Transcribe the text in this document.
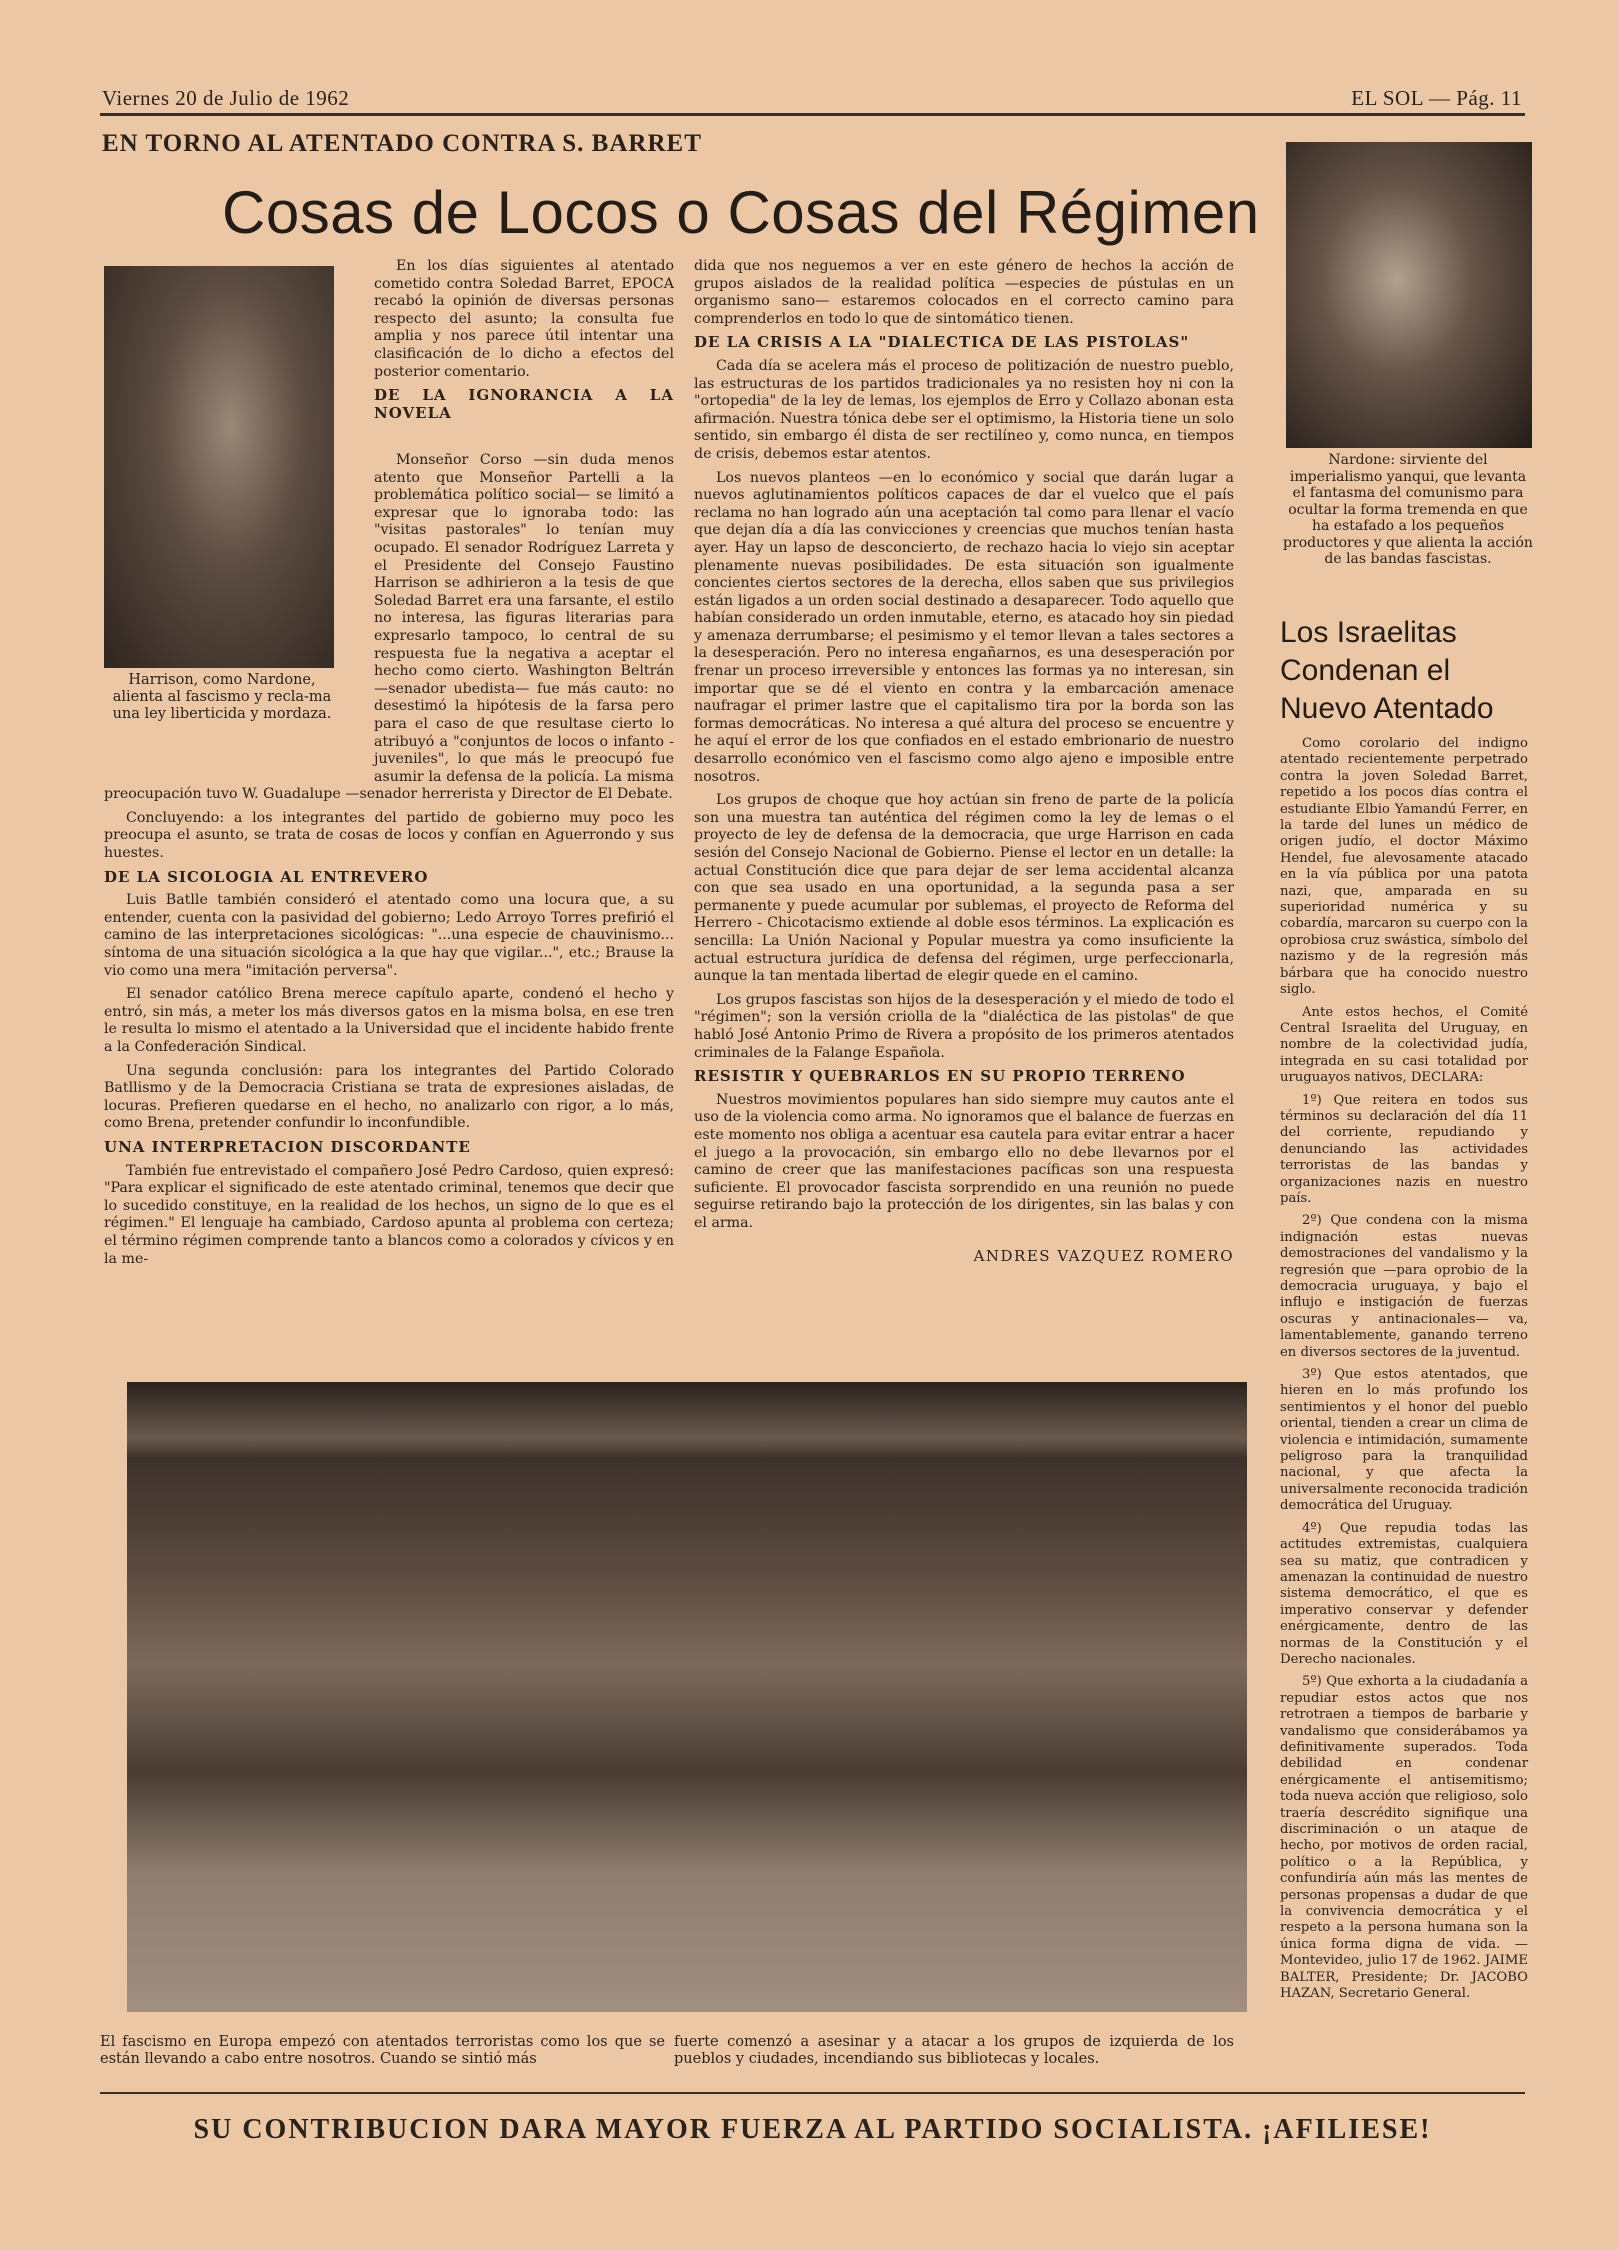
Viernes 20 de Julio de 1962	EL SOL — Pág. 11
EN TORNO AL ATENTADO CONTRA S. BARRET
Cosas de Locos o Cosas del Régimen
Harrison, como Nardone, alienta al fascismo y recla-ma una ley liberticida y mordaza.

En los días siguientes al atentado cometido contra Soledad Barret, EPOCA recabó la opinión de diversas personas respecto del asunto; la consulta fue amplia y nos parece útil intentar una clasificación de lo dicho a efectos del posterior comentario.

DE LA IGNORANCIA A LA NOVELA

Monseñor Corso —sin duda menos atento que Monseñor Partelli a la problemática político social— se limitó a expresar que lo ignoraba todo: las "visitas pastorales" lo tenían muy ocupado. El senador Rodríguez Larreta y el Presidente del Consejo Faustino Harrison se adhirieron a la tesis de que Soledad Barret era una farsante, el estilo no interesa, las figuras literarias para expresarlo tampoco, lo central de su respuesta fue la negativa a aceptar el hecho como cierto. Washington Beltrán —senador ubedista— fue más cauto: no desestimó la hipótesis de la farsa pero para el caso de que resultase cierto lo atribuyó a "conjuntos de locos o infanto - juveniles", lo que más le preocupó fue asumir la defensa de la policía. La misma preocupación tuvo W. Guadalupe —senador herrerista y Director de El Debate.

Concluyendo: a los integrantes del partido de gobierno muy poco les preocupa el asunto, se trata de cosas de locos y confían en Aguerrondo y sus huestes.

DE LA SICOLOGIA AL ENTREVERO

Luis Batlle también consideró el atentado como una locura que, a su entender, cuenta con la pasividad del gobierno; Ledo Arroyo Torres prefirió el camino de las interpretaciones sicológicas: "...una especie de chauvinismo... síntoma de una situación sicológica a la que hay que vigilar...", etc.; Brause la vio como una mera "imitación perversa".

El senador católico Brena merece capítulo aparte, condenó el hecho y entró, sin más, a meter los más diversos gatos en la misma bolsa, en ese tren le resulta lo mismo el atentado a la Universidad que el incidente habido frente a la Confederación Sindical.

Una segunda conclusión: para los integrantes del Partido Colorado Batllismo y de la Democracia Cristiana se trata de expresiones aisladas, de locuras. Prefieren quedarse en el hecho, no analizarlo con rigor, a lo más, como Brena, pretender confundir lo inconfundible.

UNA INTERPRETACION DISCORDANTE

También fue entrevistado el compañero José Pedro Cardoso, quien expresó: "Para explicar el significado de este atentado criminal, tenemos que decir que lo sucedido constituye, en la realidad de los hechos, un signo de lo que es el régimen." El lenguaje ha cambiado, Cardoso apunta al problema con certeza; el término régimen comprende tanto a blancos como a colorados y cívicos y en la me-

dida que nos neguemos a ver en este género de hechos la acción de grupos aislados de la realidad política —especies de pústulas en un organismo sano— estaremos colocados en el correcto camino para comprenderlos en todo lo que de sintomático tienen.

DE LA CRISIS A LA "DIALECTICA DE LAS PISTOLAS"

Cada día se acelera más el proceso de politización de nuestro pueblo, las estructuras de los partidos tradicionales ya no resisten hoy ni con la "ortopedia" de la ley de lemas, los ejemplos de Erro y Collazo abonan esta afirmación. Nuestra tónica debe ser el optimismo, la Historia tiene un solo sentido, sin embargo él dista de ser rectilíneo y, como nunca, en tiempos de crisis, debemos estar atentos.

Los nuevos planteos —en lo económico y social que darán lugar a nuevos aglutinamientos políticos capaces de dar el vuelco que el país reclama no han logrado aún una aceptación tal como para llenar el vacío que dejan día a día las convicciones y creencias que muchos tenían hasta ayer. Hay un lapso de desconcierto, de rechazo hacia lo viejo sin aceptar plenamente nuevas posibilidades. De esta situación son igualmente concientes ciertos sectores de la derecha, ellos saben que sus privilegios están ligados a un orden social destinado a desaparecer. Todo aquello que habían considerado un orden inmutable, eterno, es atacado hoy sin piedad y amenaza derrumbarse; el pesimismo y el temor llevan a tales sectores a la desesperación. Pero no interesa engañarnos, es una desesperación por frenar un proceso irreversible y entonces las formas ya no interesan, sin importar que se dé el viento en contra y la embarcación amenace naufragar el primer lastre que el capitalismo tira por la borda son las formas democráticas. No interesa a qué altura del proceso se encuentre y he aquí el error de los que confiados en el estado embrionario de nuestro desarrollo económico ven el fascismo como algo ajeno e imposible entre nosotros.

Los grupos de choque que hoy actúan sin freno de parte de la policía son una muestra tan auténtica del régimen como la ley de lemas o el proyecto de ley de defensa de la democracia, que urge Harrison en cada sesión del Consejo Nacional de Gobierno. Piense el lector en un detalle: la actual Constitución dice que para dejar de ser lema accidental alcanza con que sea usado en una oportunidad, a la segunda pasa a ser permanente y puede acumular por sublemas, el proyecto de Reforma del Herrero - Chicotacismo extiende al doble esos términos. La explicación es sencilla: La Unión Nacional y Popular muestra ya como insuficiente la actual estructura jurídica de defensa del régimen, urge perfeccionarla, aunque la tan mentada libertad de elegir quede en el camino.

Los grupos fascistas son hijos de la desesperación y el miedo de todo el "régimen"; son la versión criolla de la "dialéctica de las pistolas" de que habló José Antonio Primo de Rivera a propósito de los primeros atentados criminales de la Falange Española.

RESISTIR Y QUEBRARLOS EN SU PROPIO TERRENO

Nuestros movimientos populares han sido siempre muy cautos ante el uso de la violencia como arma. No ignoramos que el balance de fuerzas en este momento nos obliga a acentuar esa cautela para evitar entrar a hacer el juego a la provocación, sin embargo ello no debe llevarnos por el camino de creer que las manifestaciones pacíficas son una respuesta suficiente. El provocador fascista sorprendido en una reunión no puede seguirse retirando bajo la protección de los dirigentes, sin las balas y con el arma.

ANDRES VAZQUEZ ROMERO
Nardone: sirviente del imperialismo yanqui, que levanta el fantasma del comunismo para ocultar la forma tremenda en que ha estafado a los pequeños productores y que alienta la acción de las bandas fascistas.
Los Israelitas
Condenan el
Nuevo Atentado

Como corolario del indigno atentado recientemente perpetrado contra la joven Soledad Barret, repetido a los pocos días contra el estudiante Elbio Yamandú Ferrer, en la tarde del lunes un médico de origen judío, el doctor Máximo Hendel, fue alevosamente atacado en la vía pública por una patota nazi, que, amparada en su superioridad numérica y su cobardía, marcaron su cuerpo con la oprobiosa cruz swástica, símbolo del nazismo y de la regresión más bárbara que ha conocido nuestro siglo.

Ante estos hechos, el Comité Central Israelita del Uruguay, en nombre de la colectividad judía, integrada en su casi totalidad por uruguayos nativos, DECLARA:

1º) Que reitera en todos sus términos su declaración del día 11 del corriente, repudiando y denunciando las actividades terroristas de las bandas y organizaciones nazis en nuestro país.

2º) Que condena con la misma indignación estas nuevas demostraciones del vandalismo y la regresión que —para oprobio de la democracia uruguaya, y bajo el influjo e instigación de fuerzas oscuras y antinacionales— va, lamentablemente, ganando terreno en diversos sectores de la juventud.

3º) Que estos atentados, que hieren en lo más profundo los sentimientos y el honor del pueblo oriental, tienden a crear un clima de violencia e intimidación, sumamente peligroso para la tranquilidad nacional, y que afecta la universalmente reconocida tradición democrática del Uruguay.

4º) Que repudia todas las actitudes extremistas, cualquiera sea su matiz, que contradicen y amenazan la continuidad de nuestro sistema democrático, el que es imperativo conservar y defender enérgicamente, dentro de las normas de la Constitución y el Derecho nacionales.

5º) Que exhorta a la ciudadanía a repudiar estos actos que nos retrotraen a tiempos de barbarie y vandalismo que considerábamos ya definitivamente superados. Toda debilidad en condenar enérgicamente el antisemitismo; toda nueva acción que religioso, solo traería descrédito signifique una discriminación o un ataque de hecho, por motivos de orden racial, político o a la República, y confundiría aún más las mentes de personas propensas a dudar de que la convivencia democrática y el respeto a la persona humana son la única forma digna de vida. — Montevideo, julio 17 de 1962. JAIME BALTER, Presidente; Dr. JACOBO HAZAN, Secretario General.

El fascismo en Europa empezó con atentados terroristas como los que se están llevando a cabo entre nosotros. Cuando se sintió más
fuerte comenzó a asesinar y a atacar a los grupos de izquierda de los pueblos y ciudades, incendiando sus bibliotecas y locales.
SU CONTRIBUCION DARA MAYOR FUERZA AL PARTIDO SOCIALISTA. ¡AFILIESE!
